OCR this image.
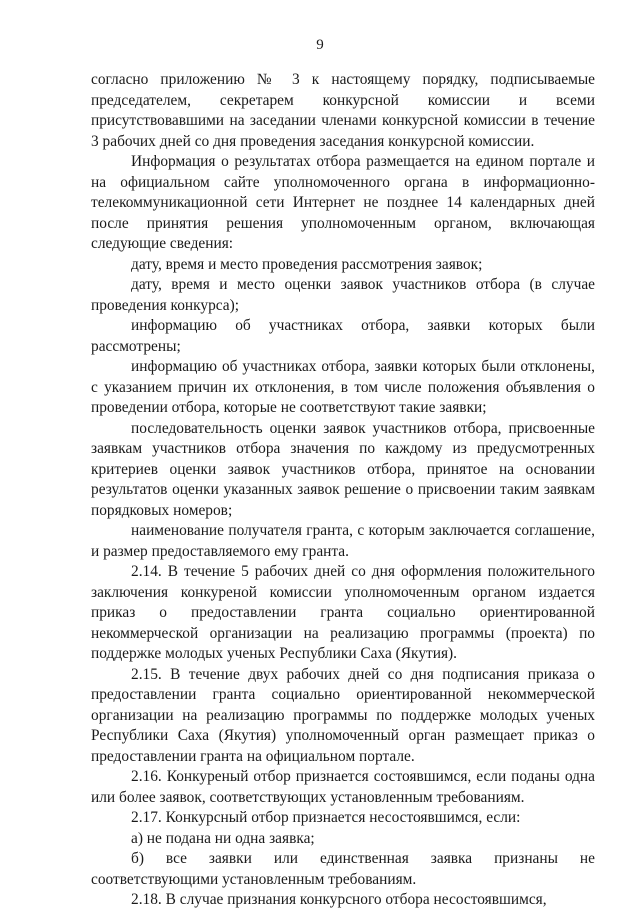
9

согласно приложению № 3 к настоящему порядку, подписываемые председателем, секретарем конкурсной комиссии и всеми присутствовавшими на заседании членами конкурсной комиссии в течение 3 рабочих дней со дня проведения заседания конкурсной комиссии.

Информация о результатах отбора размещается на едином портале и на официальном сайте уполномоченного органа в информационно-телекоммуникационной сети Интернет не позднее 14 календарных дней после принятия решения уполномоченным органом, включающая следующие сведения:

дату, время и место проведения рассмотрения заявок;

дату, время и место оценки заявок участников отбора (в случае проведения конкурса);

информацию об участниках отбора, заявки которых были рассмотрены;

информацию об участниках отбора, заявки которых были отклонены, с указанием причин их отклонения, в том числе положения объявления о проведении отбора, которые не соответствуют такие заявки;

последовательность оценки заявок участников отбора, присвоенные заявкам участников отбора значения по каждому из предусмотренных критериев оценки заявок участников отбора, принятое на основании результатов оценки указанных заявок решение о присвоении таким заявкам порядковых номеров;

наименование получателя гранта, с которым заключается соглашение, и размер предоставляемого ему гранта.

2.14. В течение 5 рабочих дней со дня оформления положительного заключения конкуреной комиссии уполномоченным органом издается приказ о предоставлении гранта социально ориентированной некоммерческой организации на реализацию программы (проекта) по поддержке молодых ученых Республики Саха (Якутия).

2.15. В течение двух рабочих дней со дня подписания приказа о предоставлении гранта социально ориентированной некоммерческой организации на реализацию программы по поддержке молодых ученых Республики Саха (Якутия) уполномоченный орган размещает приказ о предоставлении гранта на официальном портале.

2.16. Конкуреный отбор признается состоявшимся, если поданы одна или более заявок, соответствующих установленным требованиям.

2.17. Конкурсный отбор признается несостоявшимся, если:

а) не подана ни одна заявка;

б) все заявки или единственная заявка признаны не соответствующими установленным требованиям.

2.18. В случае признания конкурсного отбора несостоявшимся,
